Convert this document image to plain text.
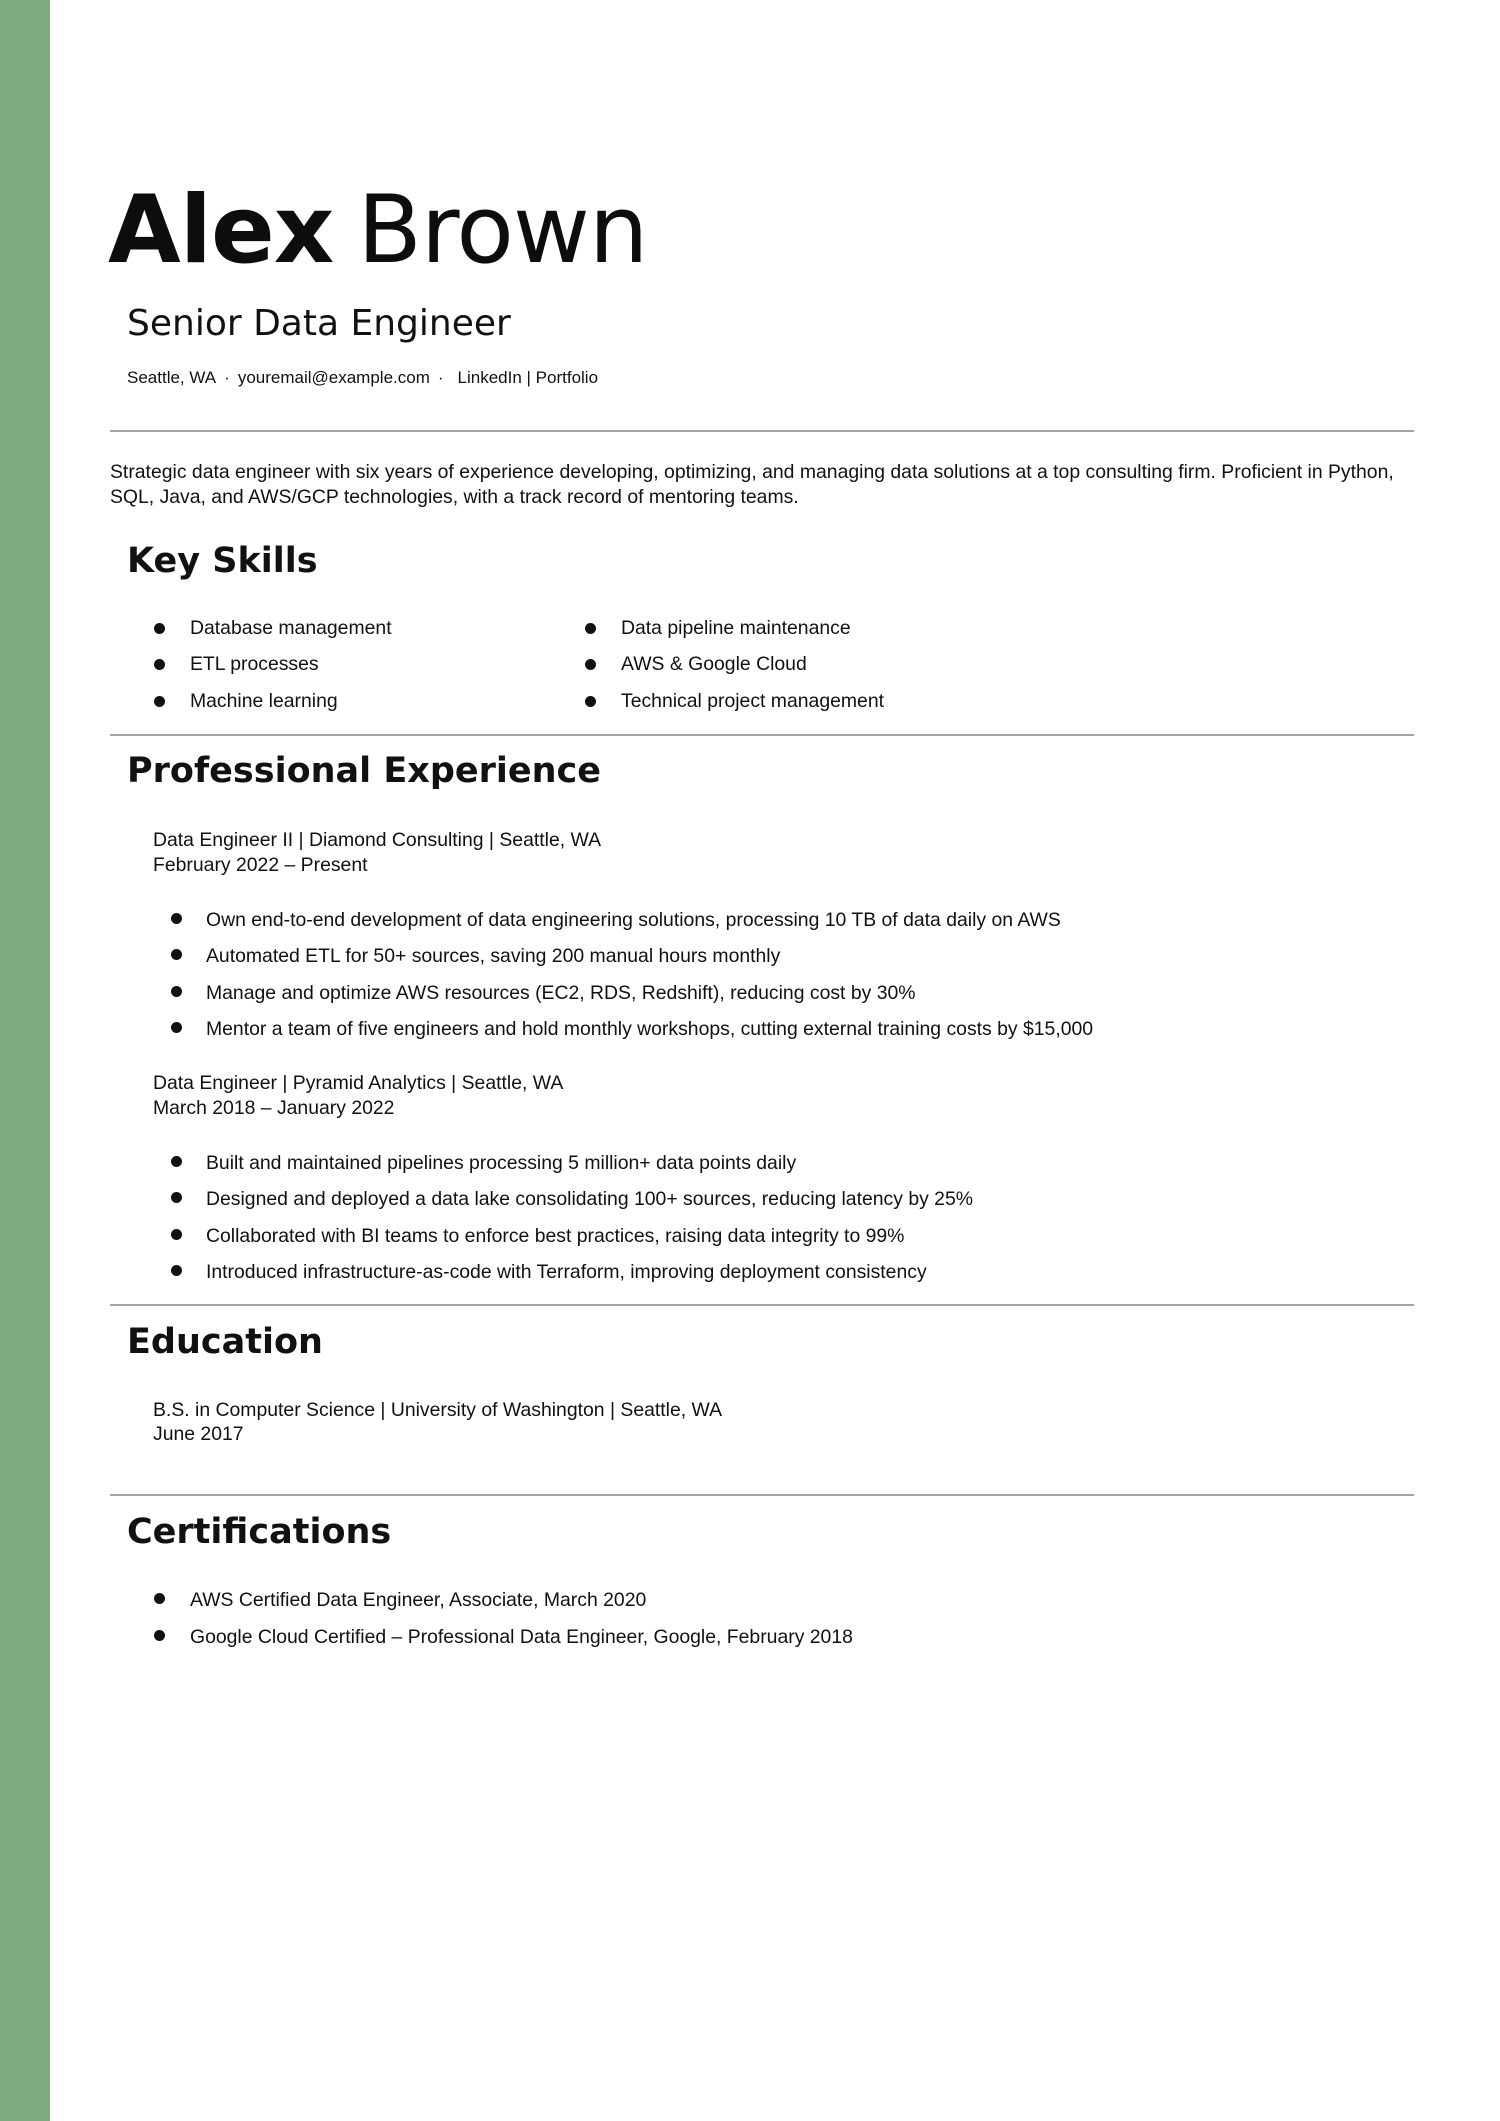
Alex Brown
Senior Data Engineer
Seattle, WA · youremail@example.com · LinkedIn | Portfolio
Strategic data engineer with six years of experience developing, optimizing, and managing data solutions at a top consulting firm. Proficient in Python, SQL, Java, and AWS/GCP technologies, with a track record of mentoring teams.
Key Skills
Database management
ETL processes
Machine learning
Data pipeline maintenance
AWS & Google Cloud
Technical project management
Professional Experience
Data Engineer II | Diamond Consulting | Seattle, WA
February 2022 – Present
Own end-to-end development of data engineering solutions, processing 10 TB of data daily on AWS
Automated ETL for 50+ sources, saving 200 manual hours monthly
Manage and optimize AWS resources (EC2, RDS, Redshift), reducing cost by 30%
Mentor a team of five engineers and hold monthly workshops, cutting external training costs by $15,000
Data Engineer | Pyramid Analytics | Seattle, WA
March 2018 – January 2022
Built and maintained pipelines processing 5 million+ data points daily
Designed and deployed a data lake consolidating 100+ sources, reducing latency by 25%
Collaborated with BI teams to enforce best practices, raising data integrity to 99%
Introduced infrastructure-as-code with Terraform, improving deployment consistency
Education
B.S. in Computer Science | University of Washington | Seattle, WA
June 2017
Certifications
AWS Certified Data Engineer, Associate, March 2020
Google Cloud Certified – Professional Data Engineer, Google, February 2018
